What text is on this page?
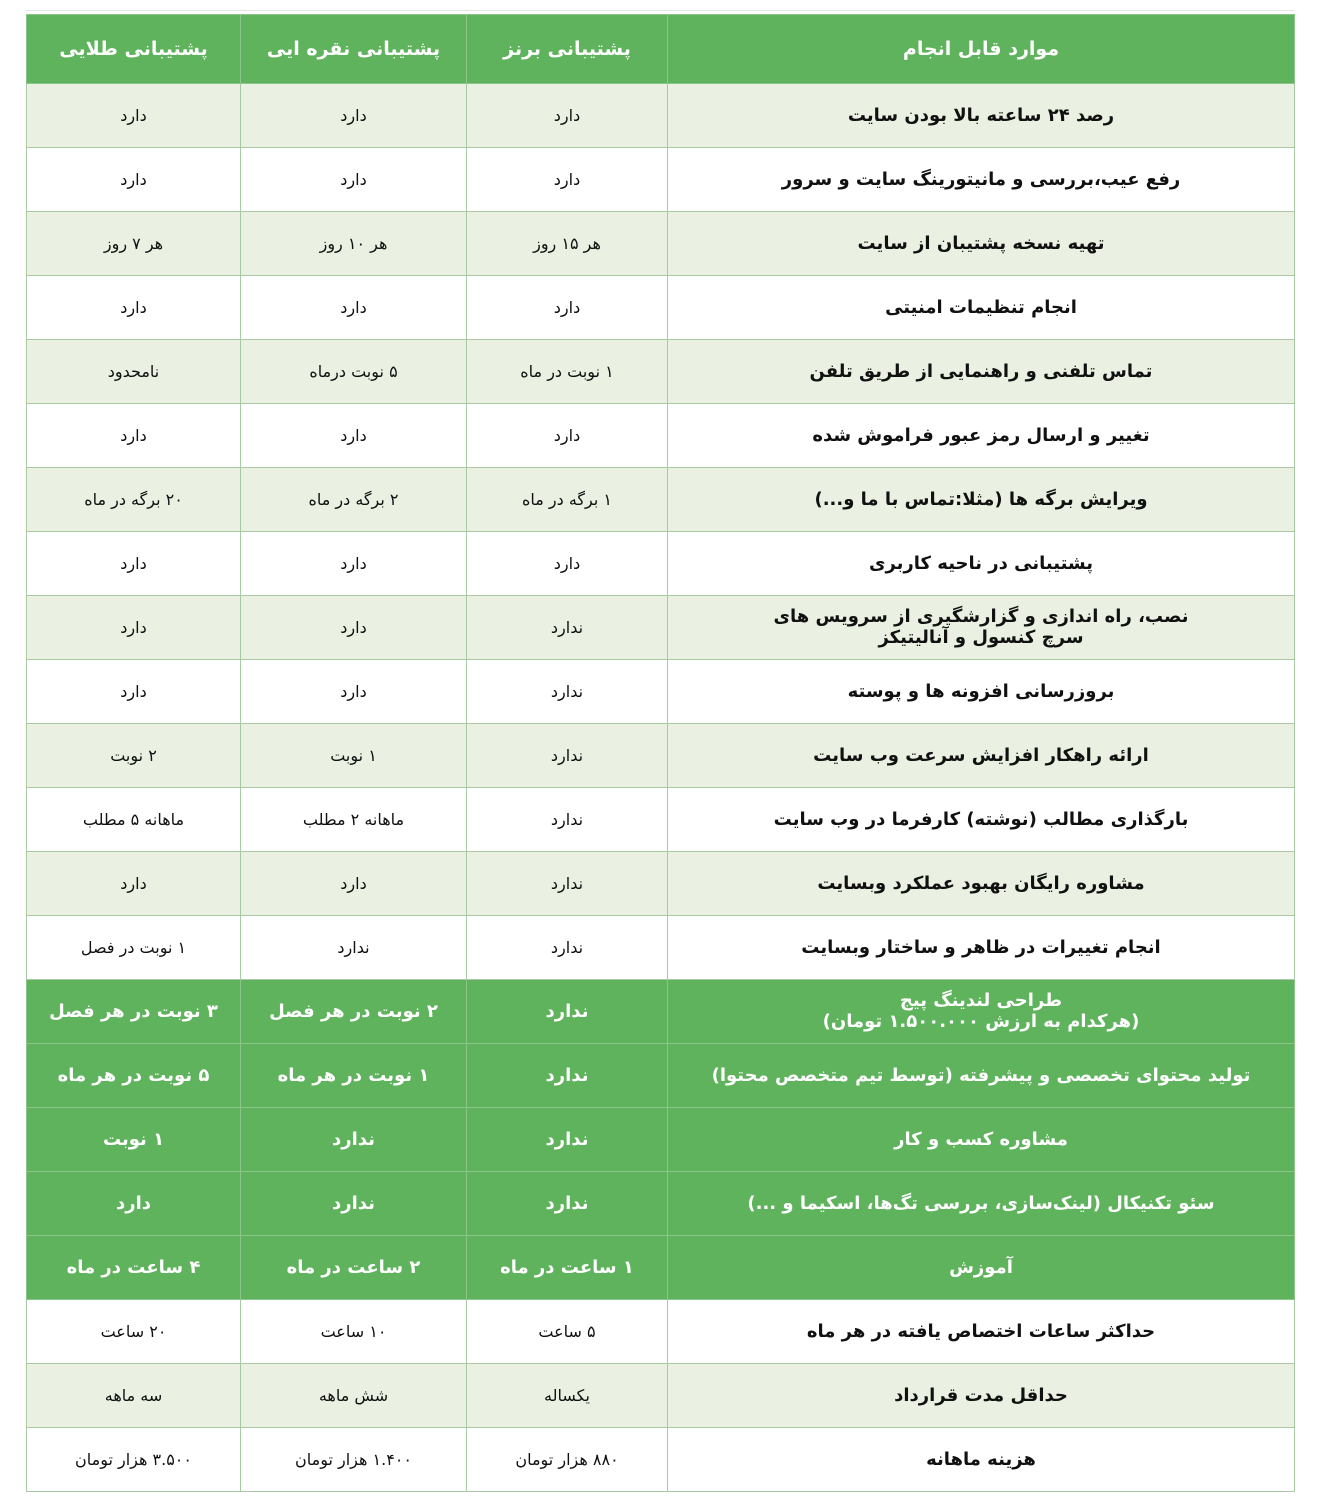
موارد قابل انجام	پشتیبانی برنز	پشتیبانی نقره ایی	پشتیبانی طلایی
رصد ۲۴ ساعته بالا بودن سایت	دارد	دارد	دارد
رفع عیب،بررسی و مانیتورینگ سایت و سرور	دارد	دارد	دارد
تهیه نسخه پشتیبان از سایت	هر ۱۵ روز	هر ۱۰ روز	هر ۷ روز
انجام تنظیمات امنیتی	دارد	دارد	دارد
تماس تلفنی و راهنمایی از طریق تلفن	۱ نوبت در ماه	۵ نوبت درماه	نامحدود
تغییر و ارسال رمز عبور فراموش شده	دارد	دارد	دارد
ویرایش برگه ها (مثلا:تماس با ما و...)	۱ برگه در ماه	۲ برگه در ماه	۲۰ برگه در ماه
پشتیبانی در ناحیه کاربری	دارد	دارد	دارد

نصب، راه اندازی و گزارشگیری از سرویس های
سرچ کنسول و آنالیتیکز	ندارد	دارد	دارد
بروزرسانی افزونه ها و پوسته	ندارد	دارد	دارد
ارائه راهکار افزایش سرعت وب سایت	ندارد	۱ نوبت	۲ نوبت
بارگذاری مطالب (نوشته) کارفرما در وب سایت	ندارد	ماهانه ۲ مطلب	ماهانه ۵ مطلب
مشاوره رایگان بهبود عملکرد وبسایت	ندارد	دارد	دارد
انجام تغییرات در ظاهر و ساختار وبسایت	ندارد	ندارد	۱ نوبت در فصل

طراحی لندینگ پیج
(هرکدام به ارزش ۱.۵۰۰.۰۰۰ تومان)	ندارد	۲ نوبت در هر فصل	۳ نوبت در هر فصل
تولید محتوای تخصصی و پیشرفته (توسط تیم متخصص محتوا)	ندارد	۱ نوبت در هر ماه	۵ نوبت در هر ماه
مشاوره کسب و کار	ندارد	ندارد	۱ نوبت
سئو تکنیکال (لینک‌سازی، بررسی تگ‌ها، اسکیما و ...)	ندارد	ندارد	دارد
آموزش	۱ ساعت در ماه	۲ ساعت در ماه	۴ ساعت در ماه
حداکثر ساعات اختصاص یافته در هر ماه	۵ ساعت	۱۰ ساعت	۲۰ ساعت
حداقل مدت قرارداد	یکساله	شش ماهه	سه ماهه
هزینه ماهانه	۸۸۰ هزار تومان	۱.۴۰۰ هزار تومان	۳.۵۰۰ هزار تومان
